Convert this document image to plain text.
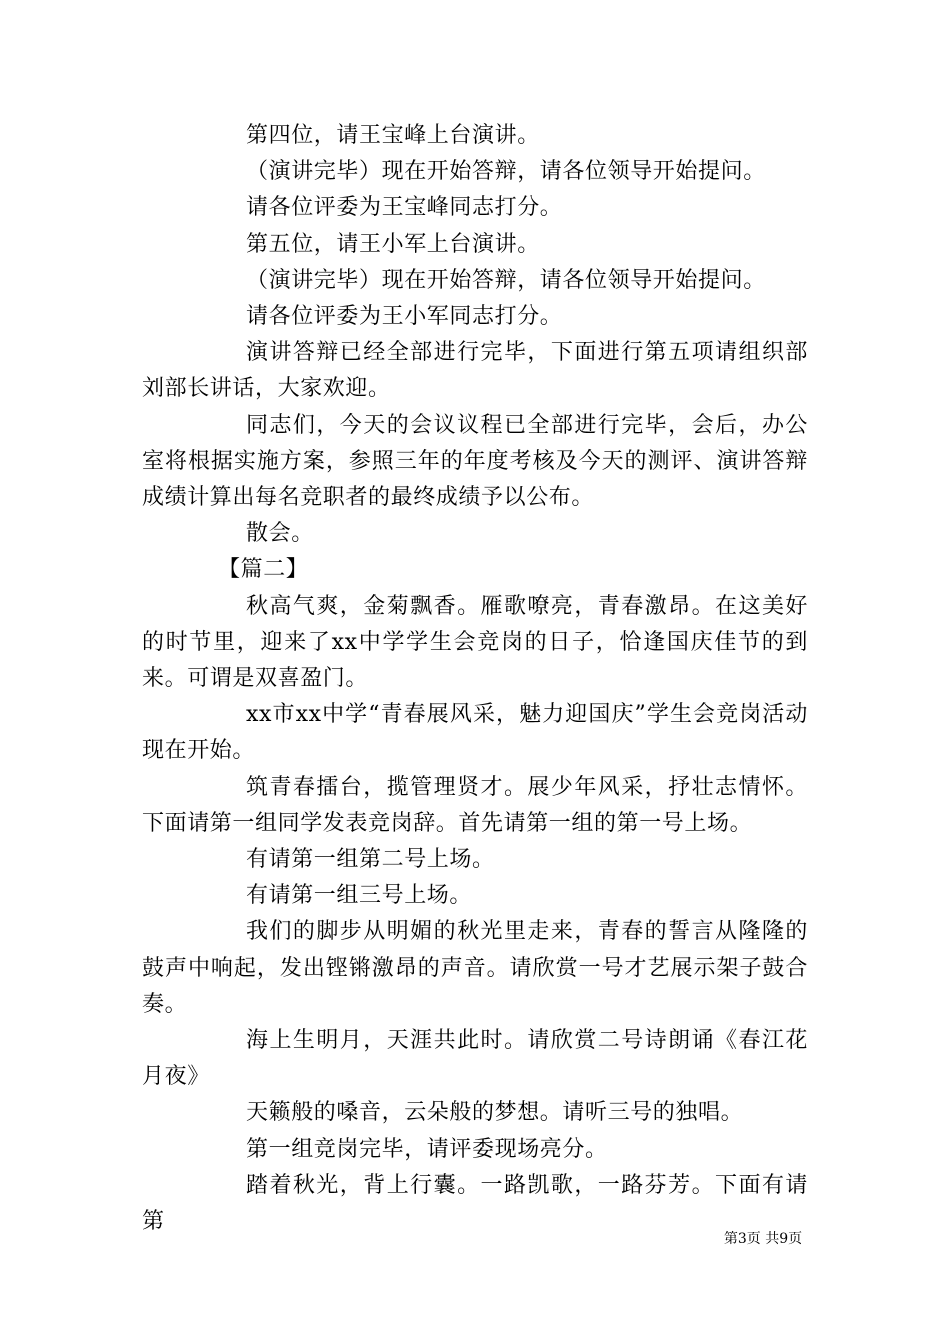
第四位，请王宝峰上台演讲。

（演讲完毕）现在开始答辩，请各位领导开始提问。

请各位评委为王宝峰同志打分。

第五位，请王小军上台演讲。

（演讲完毕）现在开始答辩，请各位领导开始提问。

请各位评委为王小军同志打分。

演讲答辩已经全部进行完毕，下面进行第五项请组织部刘部长讲话，大家欢迎。

同志们，今天的会议议程已全部进行完毕，会后，办公室将根据实施方案，参照三年的年度考核及今天的测评、演讲答辩成绩计算出每名竞职者的最终成绩予以公布。

散会。

【篇二】

秋高气爽，金菊飘香。雁歌嘹亮，青春激昂。在这美好的时节里，迎来了xx中学学生会竞岗的日子，恰逢国庆佳节的到来。可谓是双喜盈门。

xx市xx中学“青春展风采，魅力迎国庆”学生会竞岗活动现在开始。

筑青春擂台，揽管理贤才。展少年风采，抒壮志情怀。下面请第一组同学发表竞岗辞。首先请第一组的第一号上场。

有请第一组第二号上场。

有请第一组三号上场。

我们的脚步从明媚的秋光里走来，青春的誓言从隆隆的鼓声中响起，发出铿锵激昂的声音。请欣赏一号才艺展示架子鼓合奏。

海上生明月，天涯共此时。请欣赏二号诗朗诵《春江花月夜》

天籁般的嗓音，云朵般的梦想。请听三号的独唱。

第一组竞岗完毕，请评委现场亮分。

踏着秋光，背上行囊。一路凯歌，一路芬芳。下面有请第

第3页 共9页
